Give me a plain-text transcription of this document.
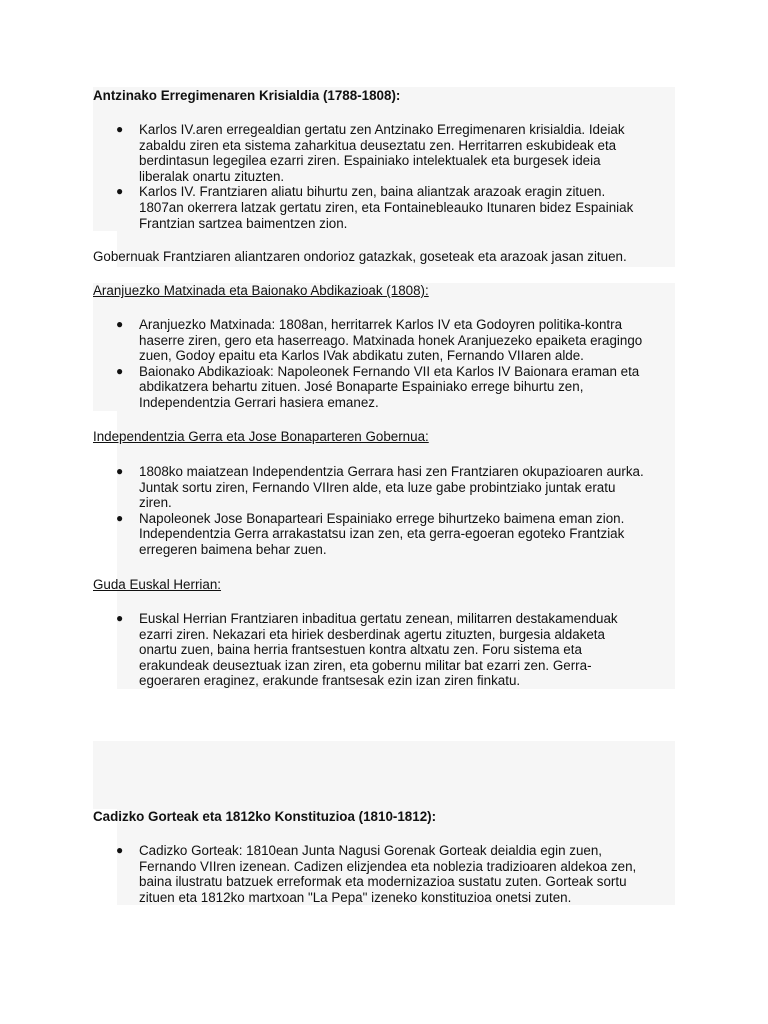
Antzinako Erregimenaren Krisialdia (1788-1808):
● Karlos IV.aren erregealdian gertatu zen Antzinako Erregimenaren krisialdia. Ideiak
zabaldu ziren eta sistema zaharkitua deuseztatu zen. Herritarren eskubideak eta
berdintasun legegilea ezarri ziren. Espainiako intelektualek eta burgesek ideia
liberalak onartu zituzten.
● Karlos IV. Frantziaren aliatu bihurtu zen, baina aliantzak arazoak eragin zituen.
1807an okerrera latzak gertatu ziren, eta Fontainebleauko Itunaren bidez Espainiak
Frantzian sartzea baimentzen zion.
Gobernuak Frantziaren aliantzaren ondorioz gatazkak, goseteak eta arazoak jasan zituen.
Aranjuezko Matxinada eta Baionako Abdikazioak (1808):
● Aranjuezko Matxinada: 1808an, herritarrek Karlos IV eta Godoyren politika-kontra
haserre ziren, gero eta haserreago. Matxinada honek Aranjuezeko epaiketa eragingo
zuen, Godoy epaitu eta Karlos IVak abdikatu zuten, Fernando VIIaren alde.
● Baionako Abdikazioak: Napoleonek Fernando VII eta Karlos IV Baionara eraman eta
abdikatzera behartu zituen. José Bonaparte Espainiako errege bihurtu zen,
Independentzia Gerrari hasiera emanez.
Independentzia Gerra eta Jose Bonaparteren Gobernua:
● 1808ko maiatzean Independentzia Gerrara hasi zen Frantziaren okupazioaren aurka.
Juntak sortu ziren, Fernando VIIren alde, eta luze gabe probintziako juntak eratu
ziren.
● Napoleonek Jose Bonaparteari Espainiako errege bihurtzeko baimena eman zion.
Independentzia Gerra arrakastatsu izan zen, eta gerra-egoeran egoteko Frantziak
erregeren baimena behar zuen.
Guda Euskal Herrian:
● Euskal Herrian Frantziaren inbaditua gertatu zenean, militarren destakamenduak
ezarri ziren. Nekazari eta hiriek desberdinak agertu zituzten, burgesia aldaketa
onartu zuen, baina herria frantsestuen kontra altxatu zen. Foru sistema eta
erakundeak deuseztuak izan ziren, eta gobernu militar bat ezarri zen. Gerra-
egoeraren eraginez, erakunde frantsesak ezin izan ziren finkatu.
Cadizko Gorteak eta 1812ko Konstituzioa (1810-1812):
● Cadizko Gorteak: 1810ean Junta Nagusi Gorenak Gorteak deialdia egin zuen,
Fernando VIIren izenean. Cadizen elizjendea eta noblezia tradizioaren aldekoa zen,
baina ilustratu batzuek erreformak eta modernizazioa sustatu zuten. Gorteak sortu
zituen eta 1812ko martxoan "La Pepa" izeneko konstituzioa onetsi zuten.
